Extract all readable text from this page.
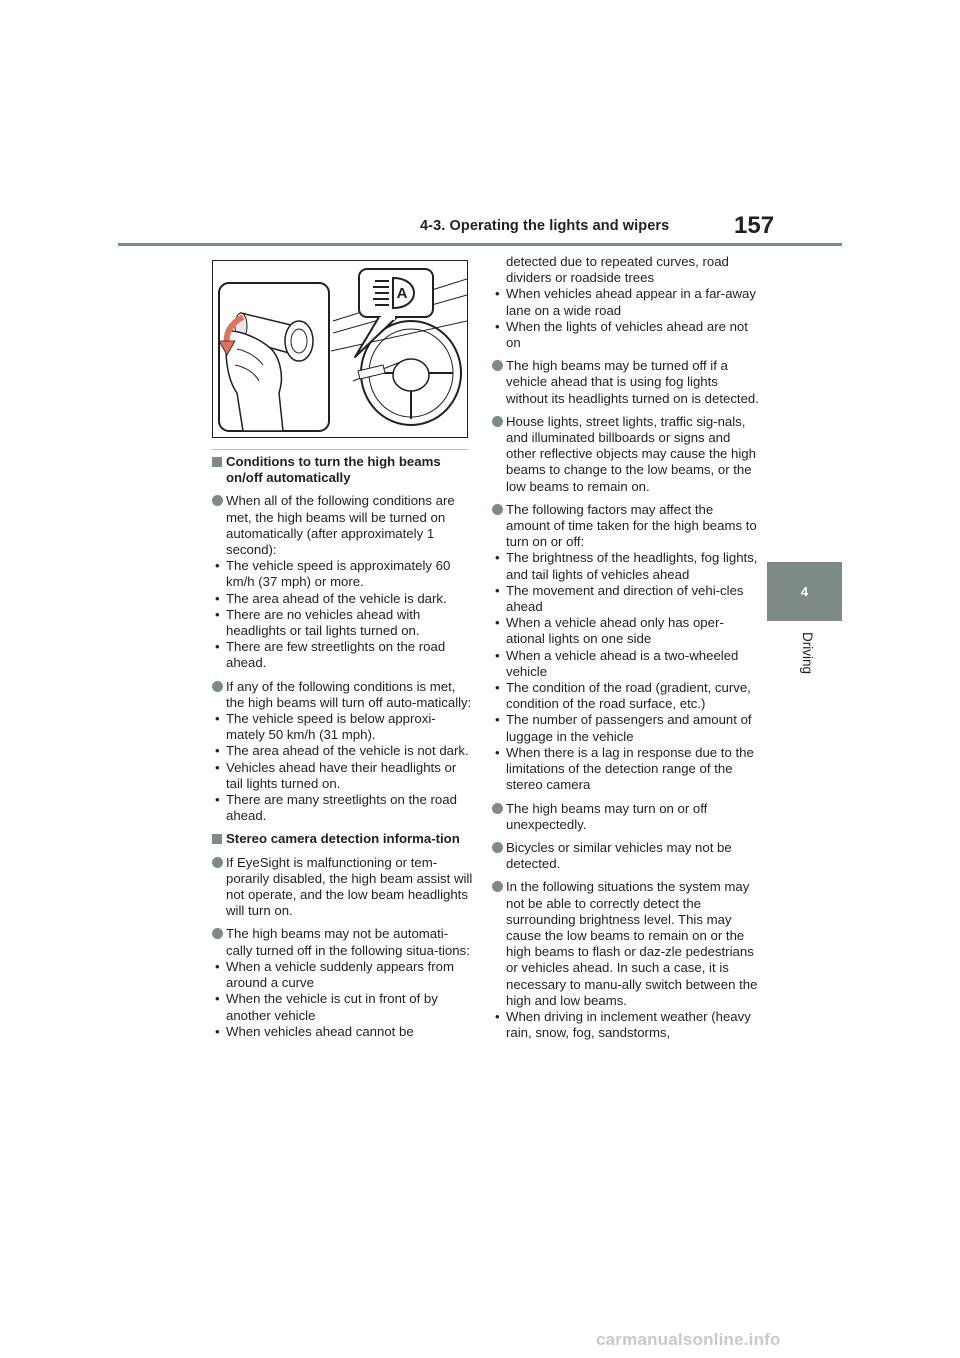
4-3. Operating the lights and wipers	157
4
Driving
A
Conditions to turn the high beams on/off automatically
When all of the following conditions are met, the high beams will be turned on automatically (after approximately 1 second):
• The vehicle speed is approximately 60 km/h (37 mph) or more.
• The area ahead of the vehicle is dark.
• There are no vehicles ahead with headlights or tail lights turned on.
• There are few streetlights on the road ahead.
If any of the following conditions is met, the high beams will turn off auto-matically:
• The vehicle speed is below approxi-mately 50 km/h (31 mph).
• The area ahead of the vehicle is not dark.
• Vehicles ahead have their headlights or tail lights turned on.
• There are many streetlights on the road ahead.
Stereo camera detection informa-tion
If EyeSight is malfunctioning or tem-porarily disabled, the high beam assist will not operate, and the low beam headlights will turn on.
The high beams may not be automati-cally turned off in the following situa-tions:
• When a vehicle suddenly appears from around a curve
• When the vehicle is cut in front of by another vehicle
• When vehicles ahead cannot be
detected due to repeated curves, road dividers or roadside trees
• When vehicles ahead appear in a far-away lane on a wide road
• When the lights of vehicles ahead are not on
The high beams may be turned off if a vehicle ahead that is using fog lights without its headlights turned on is detected.
House lights, street lights, traffic sig-nals, and illuminated billboards or signs and other reflective objects may cause the high beams to change to the low beams, or the low beams to remain on.
The following factors may affect the amount of time taken for the high beams to turn on or off:
• The brightness of the headlights, fog lights, and tail lights of vehicles ahead
• The movement and direction of vehi-cles ahead
• When a vehicle ahead only has oper-ational lights on one side
• When a vehicle ahead is a two-wheeled vehicle
• The condition of the road (gradient, curve, condition of the road surface, etc.)
• The number of passengers and amount of luggage in the vehicle
• When there is a lag in response due to the limitations of the detection range of the stereo camera
The high beams may turn on or off unexpectedly.
Bicycles or similar vehicles may not be detected.
In the following situations the system may not be able to correctly detect the surrounding brightness level. This may cause the low beams to remain on or the high beams to flash or daz-zle pedestrians or vehicles ahead. In such a case, it is necessary to manu-ally switch between the high and low beams.
• When driving in inclement weather (heavy rain, snow, fog, sandstorms,
carmanualsonline.info
